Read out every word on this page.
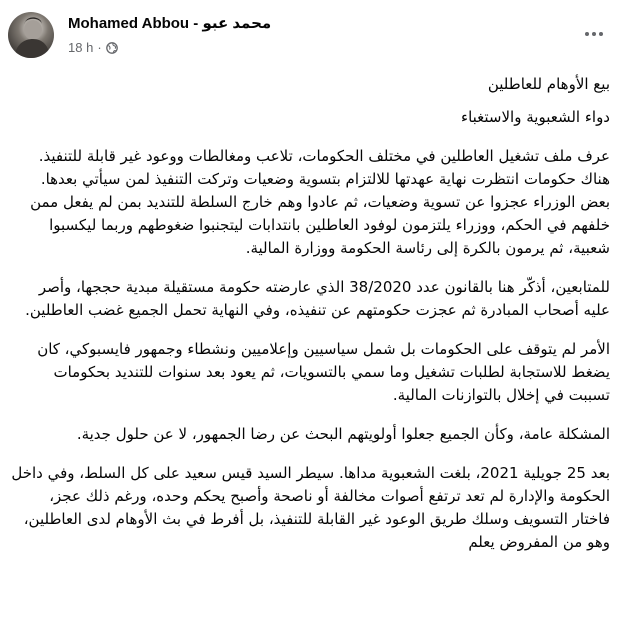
Mohamed Abbou - محمد عبو
18 h ·

بيع الأوهام للعاطلين

دواء الشعبوية والاستغباء

عرف ملف تشغيل العاطلين في مختلف الحكومات، تلاعب ومغالطات ووعود غير قابلة للتنفيذ. هناك حكومات انتظرت نهاية عهدتها للالتزام بتسوية وضعيات وتركت التنفيذ لمن سيأتي بعدها. بعض الوزراء عجزوا عن تسوية وضعيات، ثم عادوا وهم خارج السلطة للتنديد بمن لم يفعل ممن خلفهم في الحكم، ووزراء يلتزمون لوفود العاطلين بانتدابات ليتجنبوا ضغوطهم وربما ليكسبوا شعبية، ثم يرمون بالكرة إلى رئاسة الحكومة ووزارة المالية.

للمتابعين، أذكّر هنا بالقانون عدد 38/2020 الذي عارضته حكومة مستقيلة مبدية حججها، وأصر عليه أصحاب المبادرة ثم عجزت حكومتهم عن تنفيذه، وفي النهاية تحمل الجميع غضب العاطلين.

الأمر لم يتوقف على الحكومات بل شمل سياسيين وإعلاميين ونشطاء وجمهور فايسبوكي، كان يضغط للاستجابة لطلبات تشغيل وما سمي بالتسويات، ثم يعود بعد سنوات للتنديد بحكومات تسببت في إخلال بالتوازنات المالية.

المشكلة عامة، وكأن الجميع جعلوا أولويتهم البحث عن رضا الجمهور، لا عن حلول جدية.

بعد 25 جويلية 2021، بلغت الشعبوية مداها. سيطر السيد قيس سعيد على كل السلط، وفي داخل الحكومة والإدارة لم تعد ترتفع أصوات مخالفة أو ناصحة وأصبح يحكم وحده، ورغم ذلك عجز، فاختار التسويف وسلك طريق الوعود غير القابلة للتنفيذ، بل أفرط في بث الأوهام لدى العاطلين، وهو من المفروض يعلم
